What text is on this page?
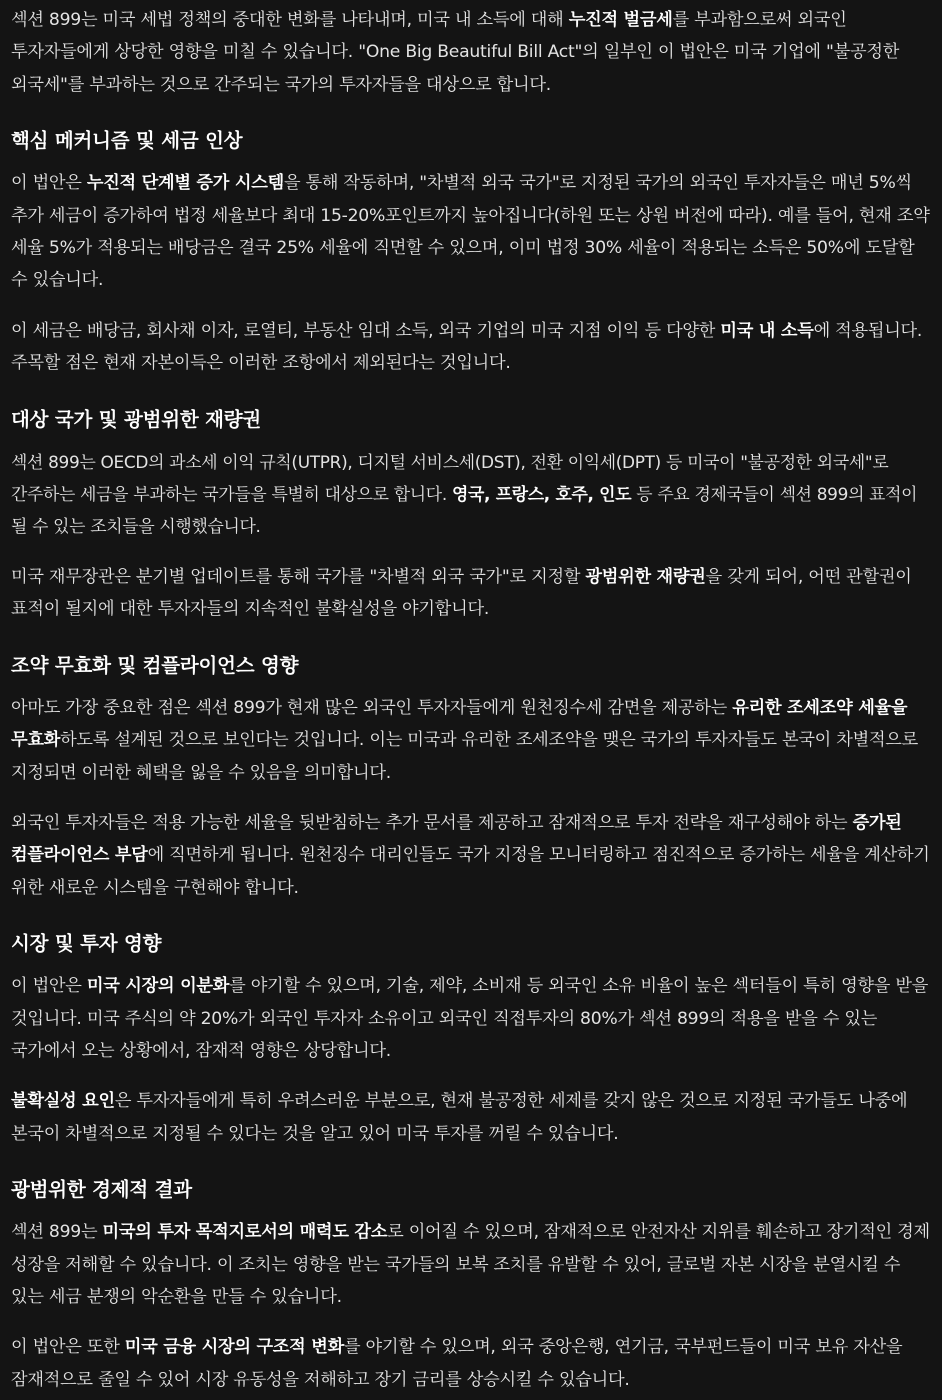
섹션 899는 미국 세법 정책의 중대한 변화를 나타내며, 미국 내 소득에 대해 누진적 벌금세를 부과함으로써 외국인 투자자들에게 상당한 영향을 미칠 수 있습니다. "One Big Beautiful Bill Act"의 일부인 이 법안은 미국 기업에 "불공정한 외국세"를 부과하는 것으로 간주되는 국가의 투자자들을 대상으로 합니다.

핵심 메커니즘 및 세금 인상

이 법안은 누진적 단계별 증가 시스템을 통해 작동하며, "차별적 외국 국가"로 지정된 국가의 외국인 투자자들은 매년 5%씩 추가 세금이 증가하여 법정 세율보다 최대 15-20%포인트까지 높아집니다(하원 또는 상원 버전에 따라). 예를 들어, 현재 조약 세율 5%가 적용되는 배당금은 결국 25% 세율에 직면할 수 있으며, 이미 법정 30% 세율이 적용되는 소득은 50%에 도달할 수 있습니다.

이 세금은 배당금, 회사채 이자, 로열티, 부동산 임대 소득, 외국 기업의 미국 지점 이익 등 다양한 미국 내 소득에 적용됩니다. 주목할 점은 현재 자본이득은 이러한 조항에서 제외된다는 것입니다.

대상 국가 및 광범위한 재량권

섹션 899는 OECD의 과소세 이익 규칙(UTPR), 디지털 서비스세(DST), 전환 이익세(DPT) 등 미국이 "불공정한 외국세"로 간주하는 세금을 부과하는 국가들을 특별히 대상으로 합니다. 영국, 프랑스, 호주, 인도 등 주요 경제국들이 섹션 899의 표적이 될 수 있는 조치들을 시행했습니다.

미국 재무장관은 분기별 업데이트를 통해 국가를 "차별적 외국 국가"로 지정할 광범위한 재량권을 갖게 되어, 어떤 관할권이 표적이 될지에 대한 투자자들의 지속적인 불확실성을 야기합니다.

조약 무효화 및 컴플라이언스 영향

아마도 가장 중요한 점은 섹션 899가 현재 많은 외국인 투자자들에게 원천징수세 감면을 제공하는 유리한 조세조약 세율을 무효화하도록 설계된 것으로 보인다는 것입니다. 이는 미국과 유리한 조세조약을 맺은 국가의 투자자들도 본국이 차별적으로 지정되면 이러한 혜택을 잃을 수 있음을 의미합니다.

외국인 투자자들은 적용 가능한 세율을 뒷받침하는 추가 문서를 제공하고 잠재적으로 투자 전략을 재구성해야 하는 증가된 컴플라이언스 부담에 직면하게 됩니다. 원천징수 대리인들도 국가 지정을 모니터링하고 점진적으로 증가하는 세율을 계산하기 위한 새로운 시스템을 구현해야 합니다.

시장 및 투자 영향

이 법안은 미국 시장의 이분화를 야기할 수 있으며, 기술, 제약, 소비재 등 외국인 소유 비율이 높은 섹터들이 특히 영향을 받을 것입니다. 미국 주식의 약 20%가 외국인 투자자 소유이고 외국인 직접투자의 80%가 섹션 899의 적용을 받을 수 있는 국가에서 오는 상황에서, 잠재적 영향은 상당합니다.

불확실성 요인은 투자자들에게 특히 우려스러운 부분으로, 현재 불공정한 세제를 갖지 않은 것으로 지정된 국가들도 나중에 본국이 차별적으로 지정될 수 있다는 것을 알고 있어 미국 투자를 꺼릴 수 있습니다.

광범위한 경제적 결과

섹션 899는 미국의 투자 목적지로서의 매력도 감소로 이어질 수 있으며, 잠재적으로 안전자산 지위를 훼손하고 장기적인 경제 성장을 저해할 수 있습니다. 이 조치는 영향을 받는 국가들의 보복 조치를 유발할 수 있어, 글로벌 자본 시장을 분열시킬 수 있는 세금 분쟁의 악순환을 만들 수 있습니다.

이 법안은 또한 미국 금융 시장의 구조적 변화를 야기할 수 있으며, 외국 중앙은행, 연기금, 국부펀드들이 미국 보유 자산을 잠재적으로 줄일 수 있어 시장 유동성을 저해하고 장기 금리를 상승시킬 수 있습니다.
